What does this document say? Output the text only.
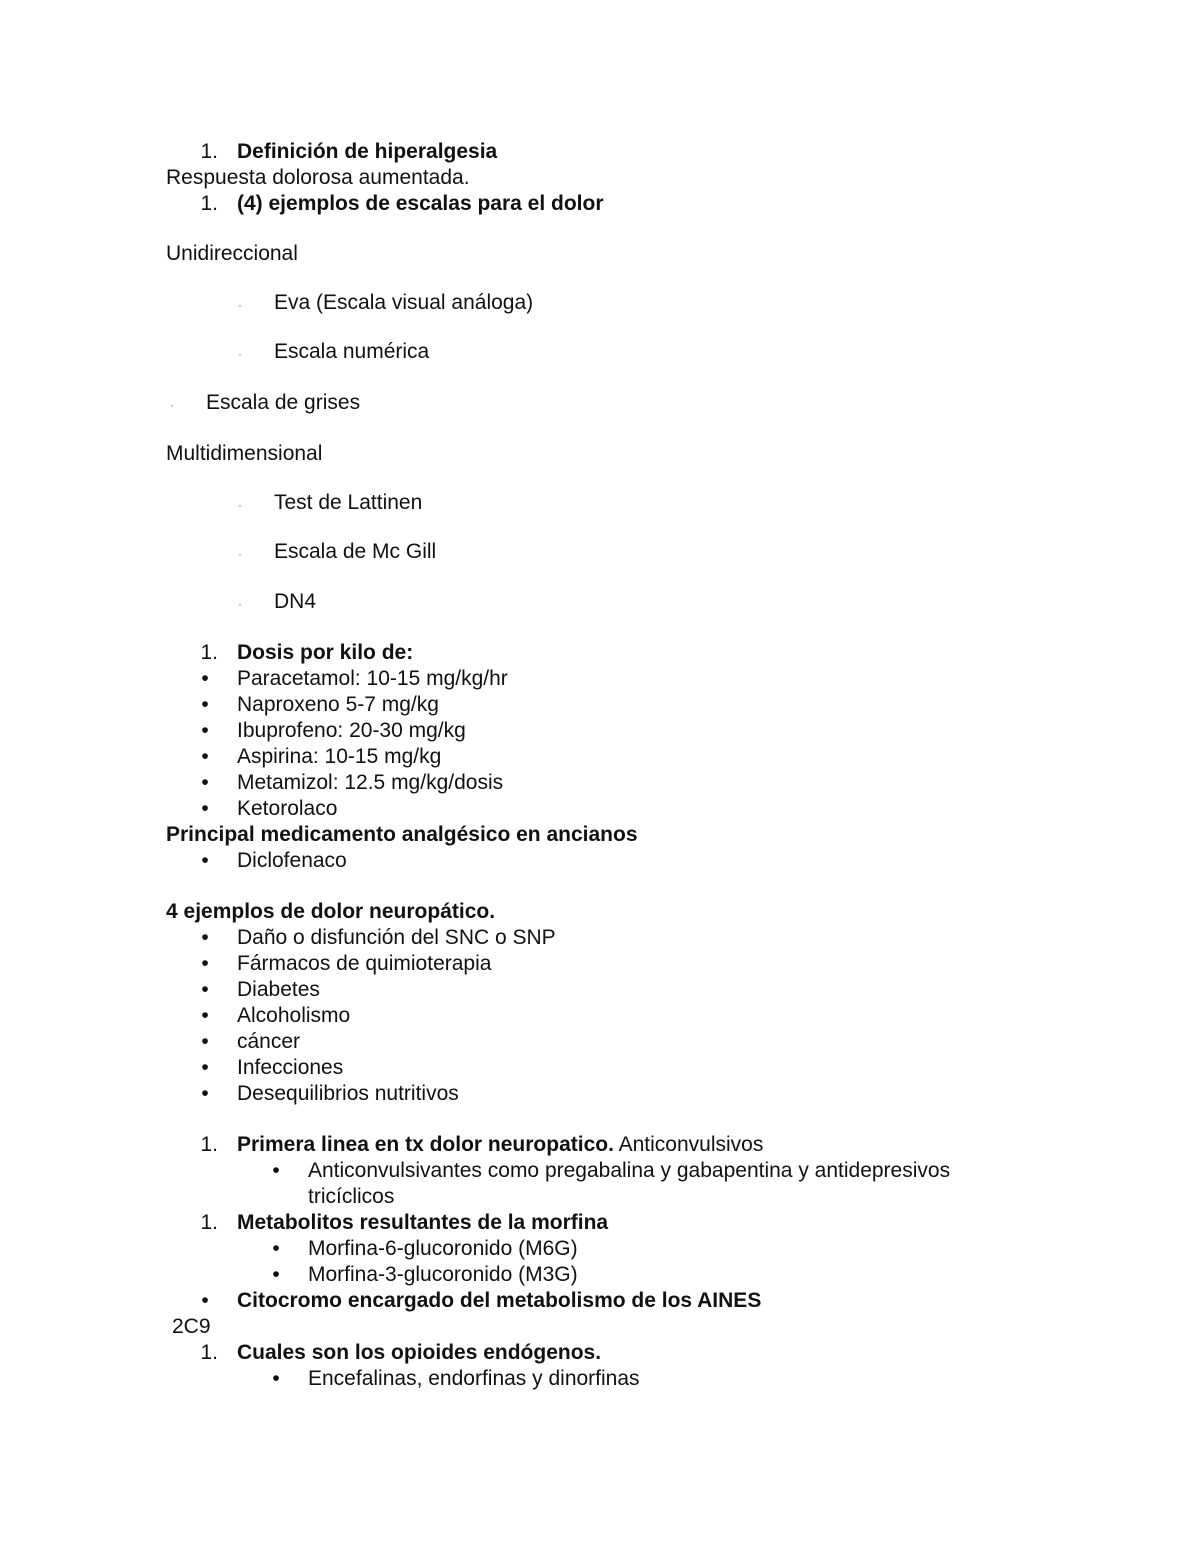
1. Definición de hiperalgesia
Respuesta dolorosa aumentada.
1. (4) ejemplos de escalas para el dolor
Unidireccional
· Eva (Escala visual análoga)
· Escala numérica
· Escala de grises
Multidimensional
· Test de Lattinen
· Escala de Mc Gill
· DN4
1. Dosis por kilo de:
• Paracetamol: 10-15 mg/kg/hr
• Naproxeno 5-7 mg/kg
• Ibuprofeno: 20-30 mg/kg
• Aspirina: 10-15 mg/kg
• Metamizol: 12.5 mg/kg/dosis
• Ketorolaco
Principal medicamento analgésico en ancianos
• Diclofenaco
4 ejemplos de dolor neuropático.
• Daño o disfunción del SNC o SNP
• Fármacos de quimioterapia
• Diabetes
• Alcoholismo
• cáncer
• Infecciones
• Desequilibrios nutritivos
1. Primera linea en tx dolor neuropatico. Anticonvulsivos
• Anticonvulsivantes como pregabalina y gabapentina y antidepresivos
tricíclicos
1. Metabolitos resultantes de la morfina
• Morfina-6-glucoronido (M6G)
• Morfina-3-glucoronido (M3G)
• Citocromo encargado del metabolismo de los AINES
2C9
1. Cuales son los opioides endógenos.
• Encefalinas, endorfinas y dinorfinas
